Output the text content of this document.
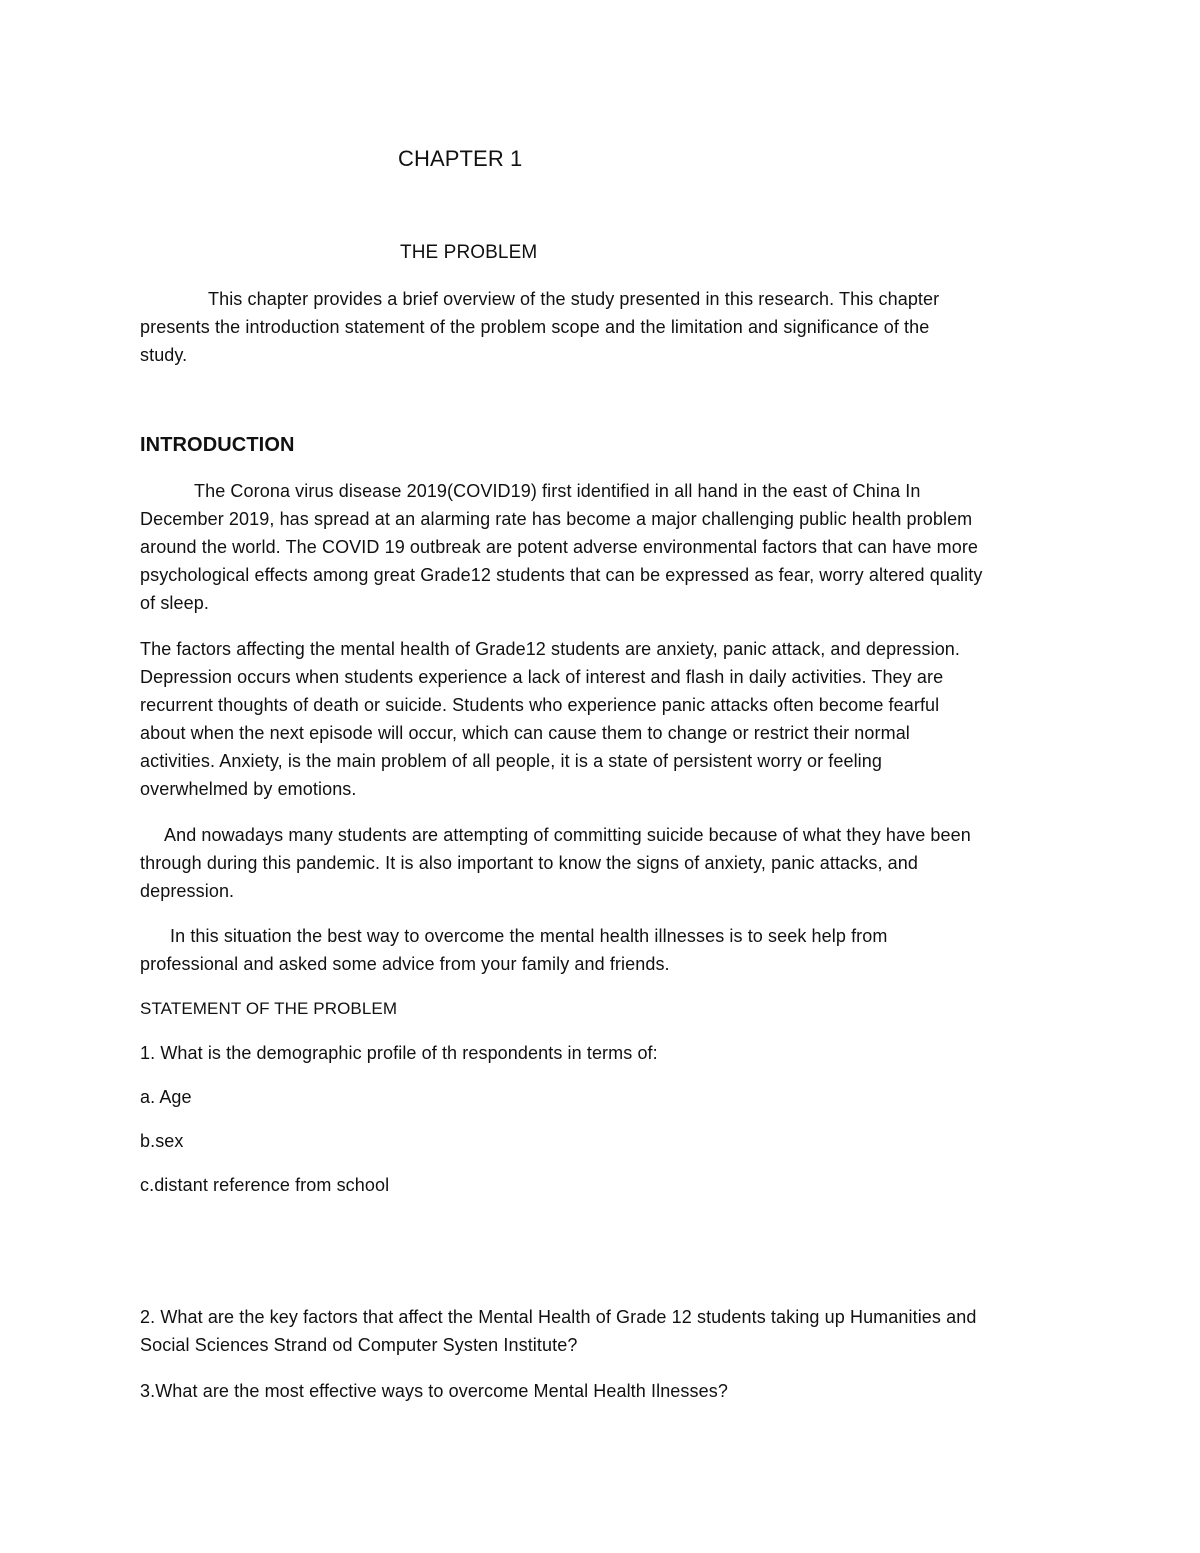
CHAPTER 1
THE PROBLEM
This chapter provides a brief overview of the study presented in this research. This chapter
presents the introduction statement of the problem scope and the limitation and significance of the
study.
INTRODUCTION
The Corona virus disease 2019(COVID19) first identified in all hand in the east of China In
December 2019, has spread at an alarming rate has become a major challenging public health problem
around the world. The COVID 19 outbreak are potent adverse environmental factors that can have more
psychological effects among great Grade12 students that can be expressed as fear, worry altered quality
of sleep.
The factors affecting the mental health of Grade12 students are anxiety, panic attack, and depression.
Depression occurs when students experience a lack of interest and flash in daily activities. They are
recurrent thoughts of death or suicide. Students who experience panic attacks often become fearful
about when the next episode will occur, which can cause them to change or restrict their normal
activities. Anxiety, is the main problem of all people, it is a state of persistent worry or feeling
overwhelmed by emotions.
And nowadays many students are attempting of committing suicide because of what they have been
through during this pandemic. It is also important to know the signs of anxiety, panic attacks, and
depression.
In this situation the best way to overcome the mental health illnesses is to seek help from
professional and asked some advice from your family and friends.
STATEMENT OF THE PROBLEM
1. What is the demographic profile of th respondents in terms of:
a. Age
b.sex
c.distant reference from school
2. What are the key factors that affect the Mental Health of Grade 12 students taking up Humanities and
Social Sciences Strand od Computer Systen Institute?
3.What are the most effective ways to overcome Mental Health Ilnesses?
